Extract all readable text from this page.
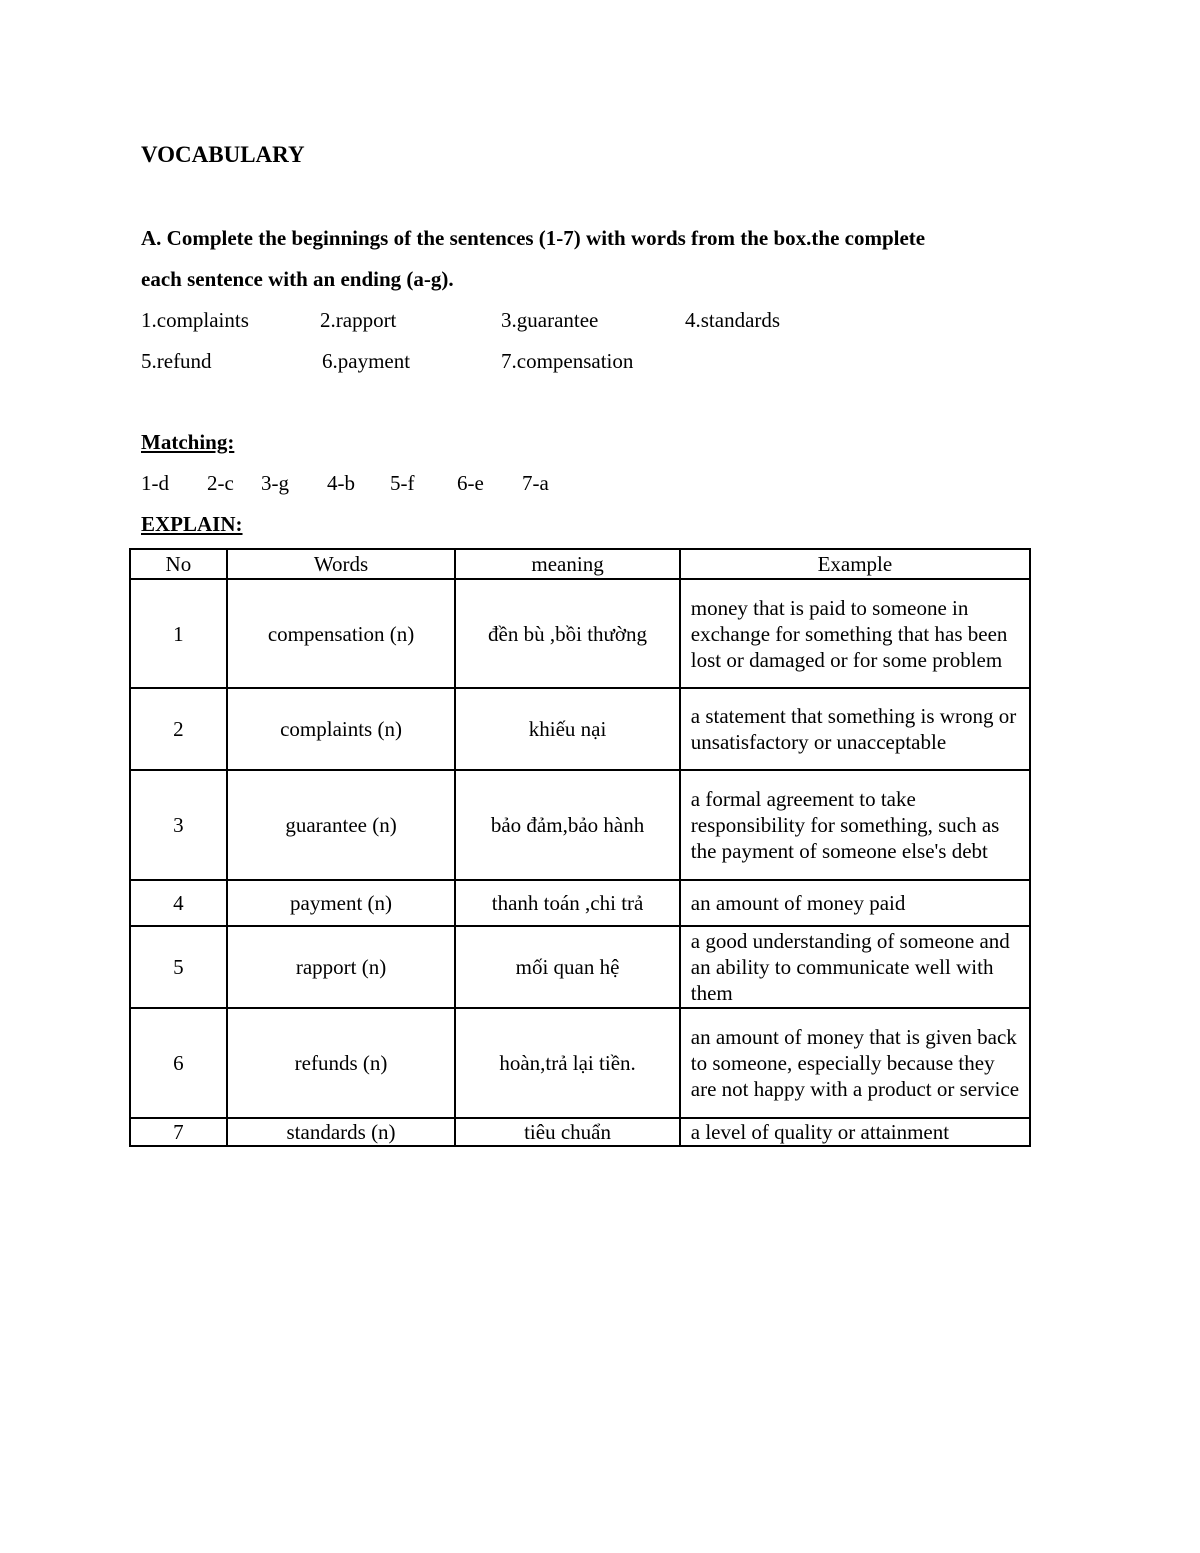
VOCABULARY
A. Complete the beginnings of the sentences (1-7) with words from the box.the complete
each sentence with an ending (a-g).
1.complaints	2.rapport	3.guarantee	4.standards
5.refund	6.payment	7.compensation
Matching:
1-d 2-c 3-g 4-b 5-f 6-e 7-a
EXPLAIN:
No	Words	meaning	Example
1	compensation (n)	đền bù ,bồi thường	money that is paid to someone in exchange for something that has been lost or damaged or for some problem
2	complaints (n)	khiếu nại	a statement that something is wrong or unsatisfactory or unacceptable
3	guarantee (n)	bảo đảm,bảo hành	a formal agreement to take responsibility for something, such as the payment of someone else's debt
4	payment (n)	thanh toán ,chi trả	an amount of money paid
5	rapport (n)	mối quan hệ	a good understanding of someone and an ability to communicate well with them
6	refunds (n)	hoàn,trả lại tiền.	an amount of money that is given back to someone, especially because they are not happy with a product or service
7	standards (n)	tiêu chuẩn	a level of quality or attainment
